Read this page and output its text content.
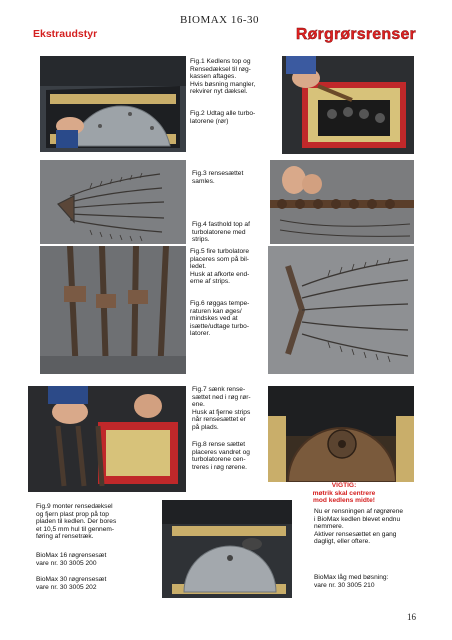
Ekstraudstyr
BIOMAX 16-30
Rørgrørsrenser
Fig.1 Kedlens top og
Rensedæksel til røg-
kassen aftages.
Hvis bøsning mangler,
rekvirer nyt dæksel.
Fig.2 Udtag alle turbo-
latorene (rør)
Fig.3 rensesættet
samles.
Fig.4 fasthold top af
turbolatorene med
strips.
Fig.5 fire turbolatore
placeres som på bil-
ledet.
Husk at afkorte end-
erne af strips.
Fig.6 røggas tempe-
raturen kan øges/
mindskes ved at
isætte/udtage turbo-
latorer.
Fig.7 sænk rense-
sættet ned i røg rør-
ene.
Husk at fjerne strips
når rensesættet er
på plads.
Fig.8 rense sættet
placeres vandret og
turbolatorene cen-
treres i røg rørene.
VIGTIG:
møtrik skal centrere
mod kedlens midte!
Fig.9 monter rensedæksel
og fjern plast prop på top
pladen til kedlen. Der bores
et 10,5 mm hul til gennem-
føring af rensetræk.
BioMax 16 røgrensesæt
vare nr. 30 3005 200
BioMax 30 røgrensesæt
vare nr. 30 3005 202
Nu er rensningen af røgrørene
i BioMax kedlen blevet endnu
nemmere.
Aktiver rensesættet en gang
dagligt, eller oftere.
BioMax låg med bøsning:
vare nr. 30 3005 210
16
